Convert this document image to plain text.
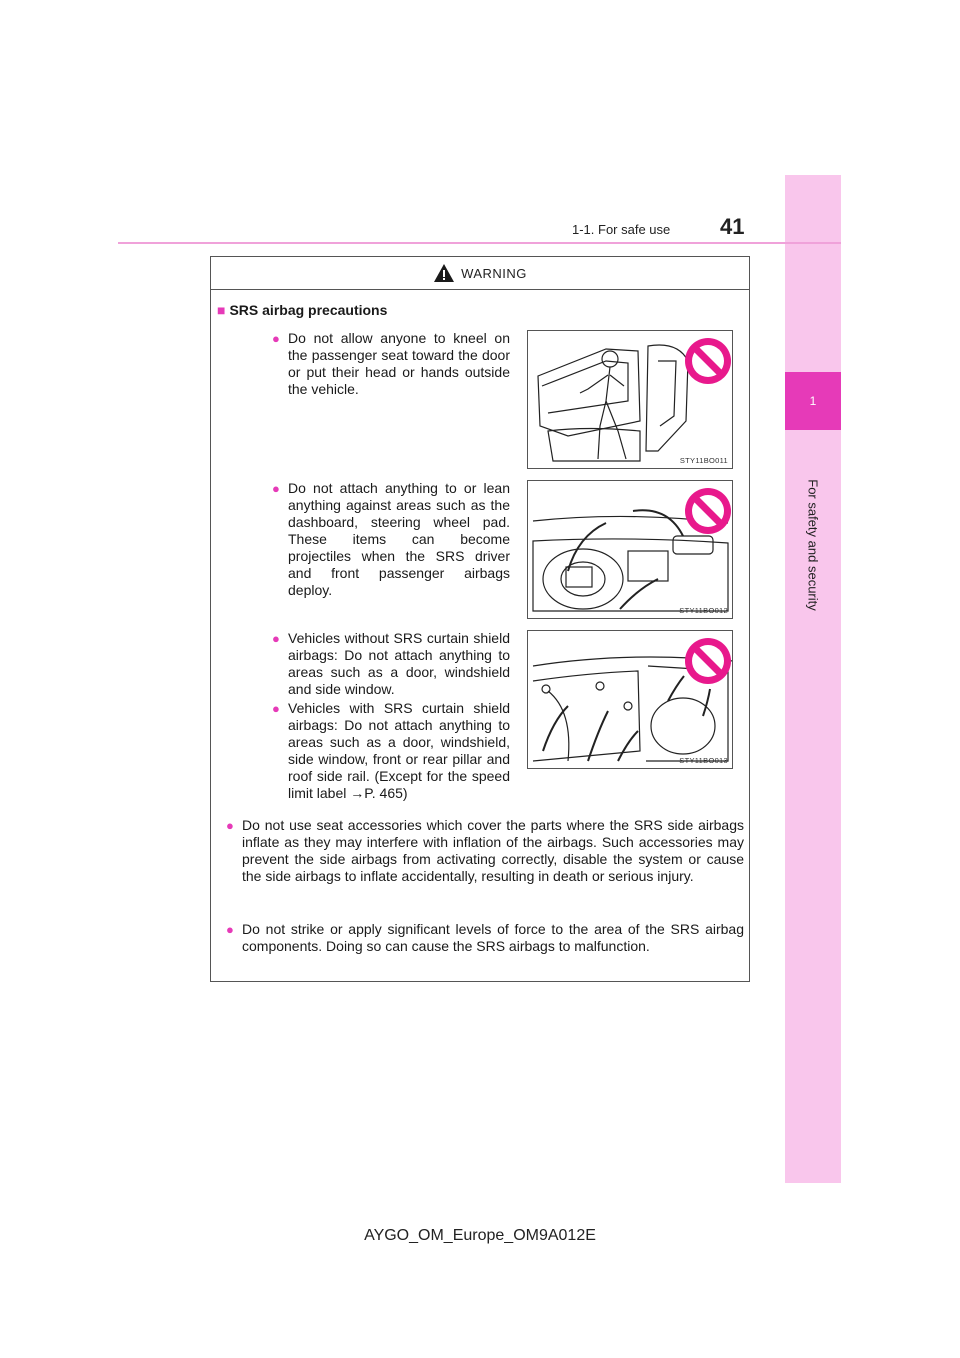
1
For safety and security
1-1. For safe use 41
WARNING
■ SRS airbag precautions
● Do not allow anyone to kneel on the passenger seat toward the door or put their head or hands outside the vehicle.
● Do not attach anything to or lean anything against areas such as the dashboard, steering wheel pad. These items can become projectiles when the SRS driver and front passenger airbags deploy.
● Vehicles without SRS curtain shield airbags: Do not attach anything to areas such as a door, windshield and side window.
● Vehicles with SRS curtain shield airbags: Do not attach anything to areas such as a door, windshield, side window, front or rear pillar and roof side rail. (Except for the speed limit label →P. 465)
● Do not use seat accessories which cover the parts where the SRS side airbags inflate as they may interfere with inflation of the airbags. Such accessories may prevent the side airbags from activating correctly, disable the system or cause the side airbags to inflate accidentally, resulting in death or serious injury.
● Do not strike or apply significant levels of force to the area of the SRS airbag components. Doing so can cause the SRS airbags to malfunction.
STY11BO011
STY11BO012
STY11BO013
AYGO_OM_Europe_OM9A012E
